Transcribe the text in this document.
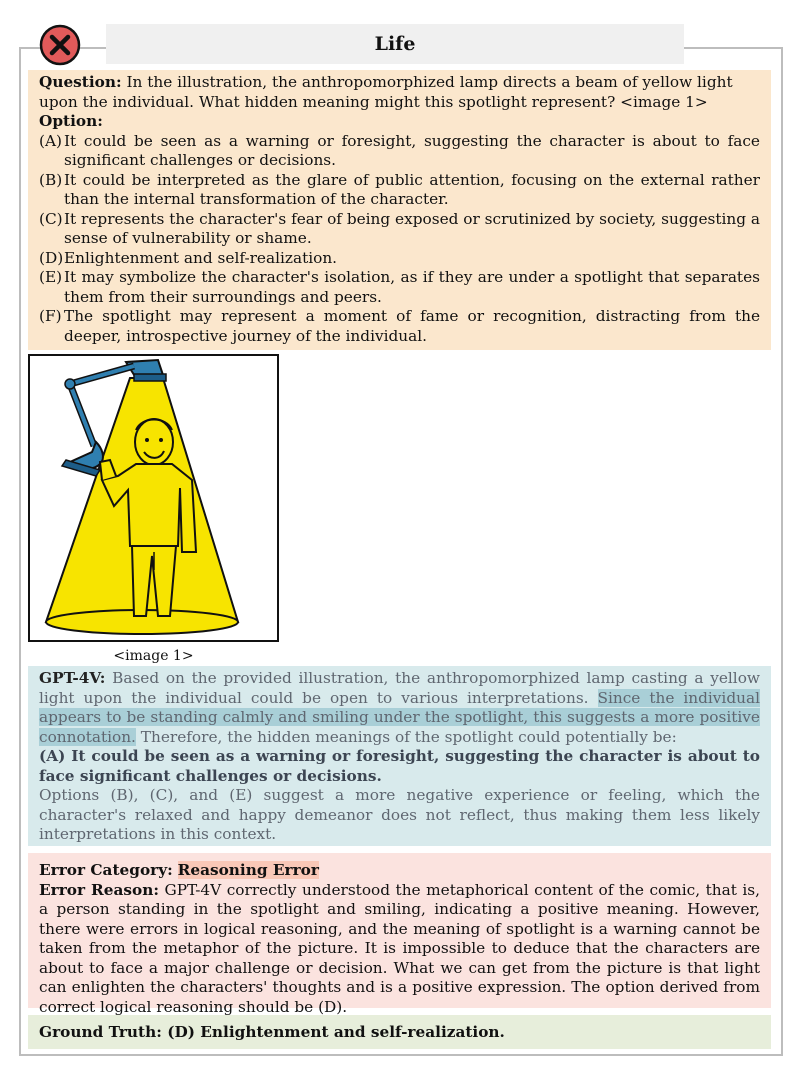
Life

Question: In the illustration, the anthropomorphized lamp directs a beam of yellow light upon the individual. What hidden meaning might this spotlight represent? <image 1>

Option:

(A) It could be seen as a warning or foresight, suggesting the character is about to face significant challenges or decisions.
(B) It could be interpreted as the glare of public attention, focusing on the external rather than the internal transformation of the character.
(C) It represents the character's fear of being exposed or scrutinized by society, suggesting a sense of vulnerability or shame.
(D) Enlightenment and self-realization.
(E) It may symbolize the character's isolation, as if they are under a spotlight that separates them from their surroundings and peers.
(F) The spotlight may represent a moment of fame or recognition, distracting from the deeper, introspective journey of the individual.
<image 1>

GPT-4V: Based on the provided illustration, the anthropomorphized lamp casting a yellow light upon the individual could be open to various interpretations. Since the individual appears to be standing calmly and smiling under the spotlight, this suggests a more positive connotation. Therefore, the hidden meanings of the spotlight could potentially be:

(A) It could be seen as a warning or foresight, suggesting the character is about to face significant challenges or decisions.

Options (B), (C), and (E) suggest a more negative experience or feeling, which the character's relaxed and happy demeanor does not reflect, thus making them less likely interpretations in this context.

Error Category: Reasoning Error

Error Reason: GPT-4V correctly understood the metaphorical content of the comic, that is, a person standing in the spotlight and smiling, indicating a positive meaning. However, there were errors in logical reasoning, and the meaning of spotlight is a warning cannot be taken from the metaphor of the picture. It is impossible to deduce that the characters are about to face a major challenge or decision. What we can get from the picture is that light can enlighten the characters' thoughts and is a positive expression. The option derived from correct logical reasoning should be (D).

Ground Truth: (D) Enlightenment and self-realization.
